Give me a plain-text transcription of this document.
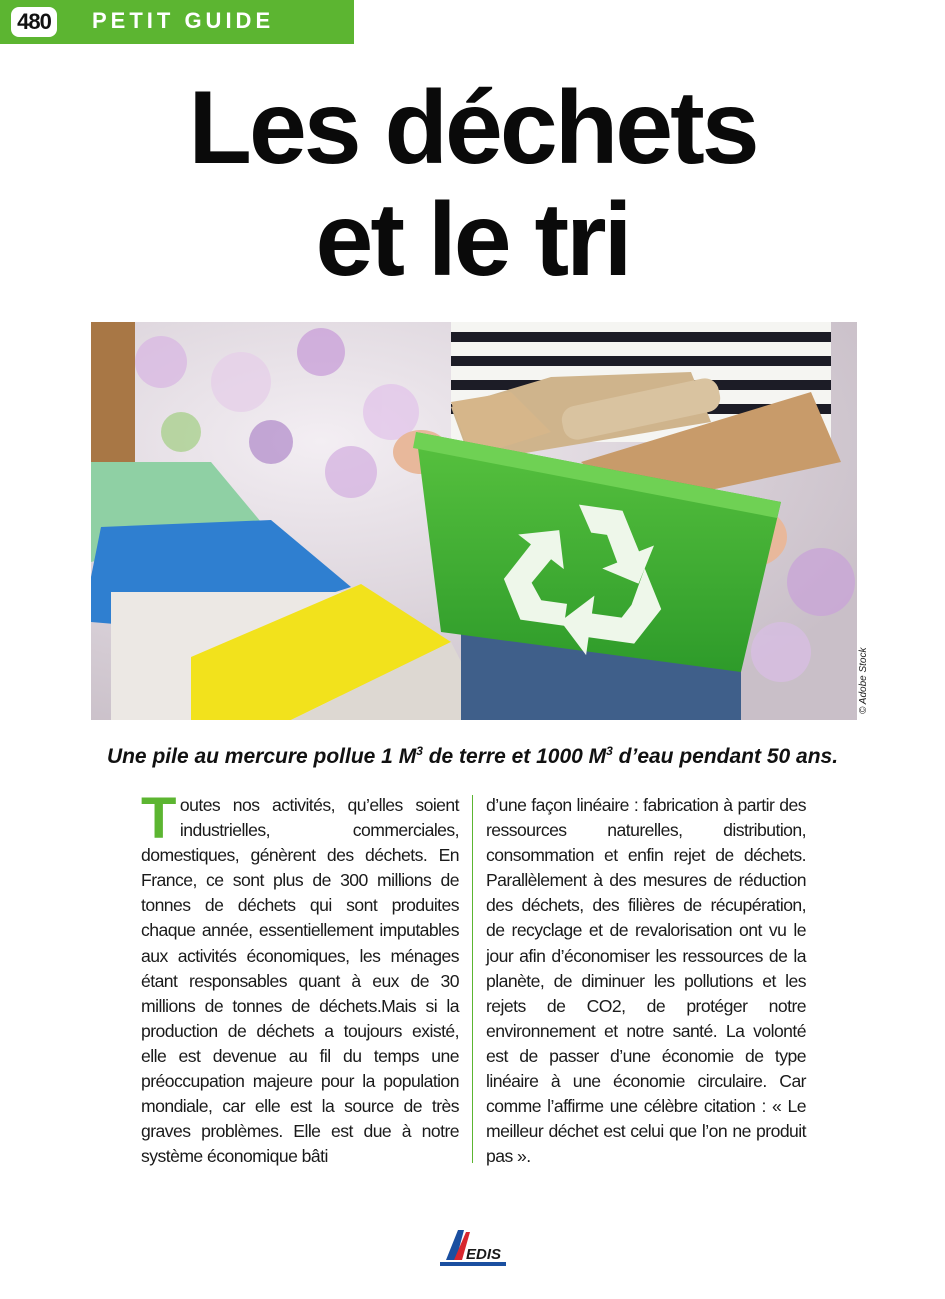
480 PETIT GUIDE
Les déchets
et le tri
© Adobe Stock
Une pile au mercure pollue 1 $M^3$ de terre et 1000 $M^3$ d’eau pendant 50 ans.
Toutes nos activités, qu’elles soient industrielles, commerciales, domestiques, génèrent des déchets. En France, ce sont plus de 300 millions de tonnes de déchets qui sont produites chaque année, essentiellement imputables aux activités économiques, les ménages étant responsables quant à eux de 30 millions de tonnes de déchets.Mais si la production de déchets a toujours existé, elle est devenue au fil du temps une préoccupation majeure pour la population mondiale, car elle est la source de très graves problèmes. Elle est due à notre système économique bâti
d’une façon linéaire : fabrication à partir des ressources naturelles, distribution, consommation et enfin rejet de déchets. Parallèlement à des mesures de réduction des déchets, des filières de récupération, de recyclage et de revalorisation ont vu le jour afin d’économiser les ressources de la planète, de diminuer les pollutions et les rejets de CO2, de protéger notre environnement et notre santé. La volonté est de passer d’une économie de type linéaire à une économie circulaire. Car comme l’affirme une célèbre citation : « Le meilleur déchet est celui que l’on ne produit pas ».
EDIS
